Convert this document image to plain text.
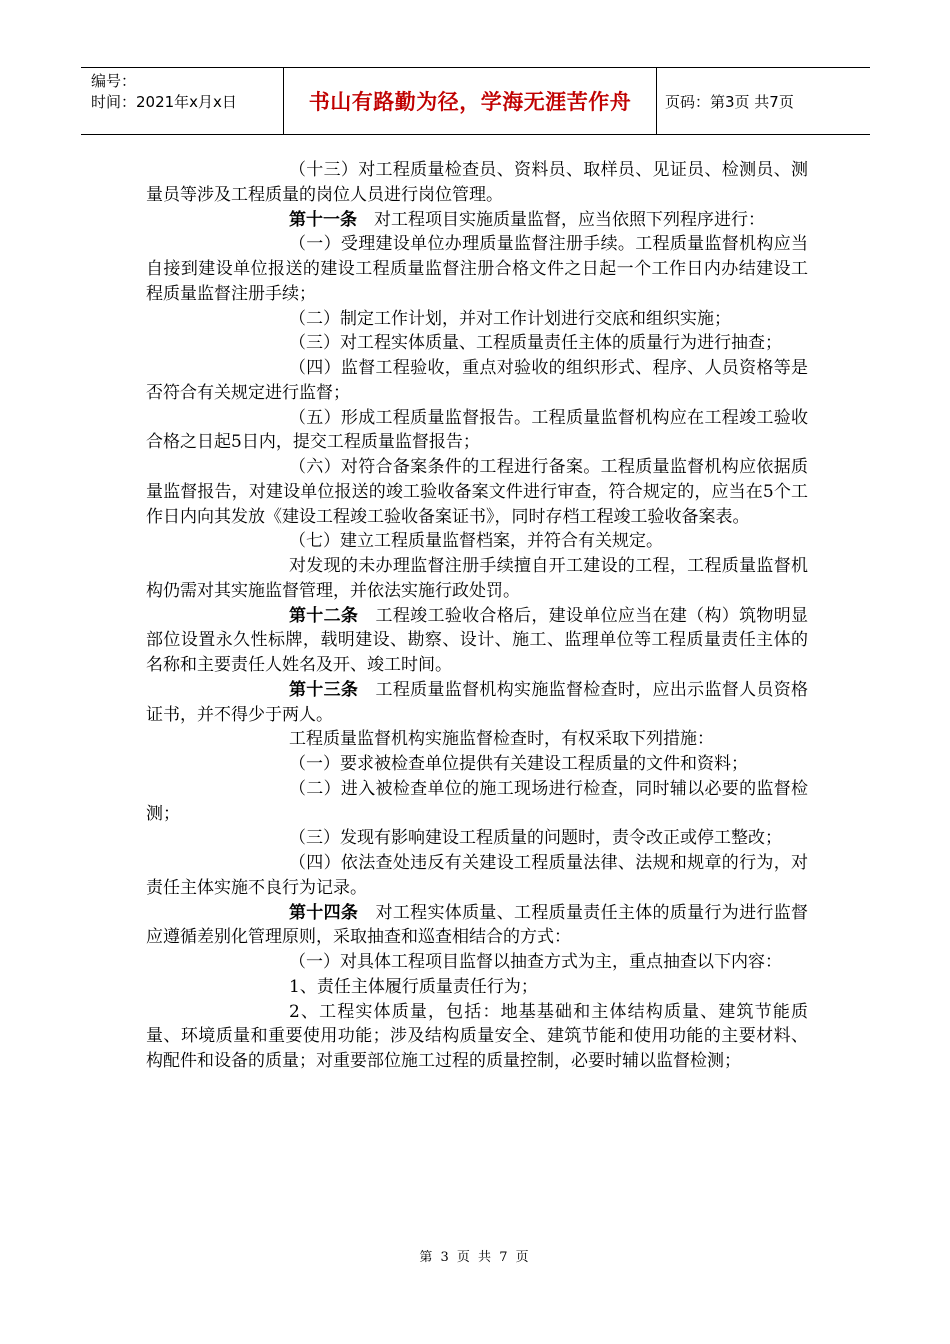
编号：
时间：2021年x月x日	书山有路勤为径，学海无涯苦作舟	页码：第3页 共7页

（十三）对工程质量检查员、资料员、取样员、见证员、检测员、测量员等涉及工程质量的岗位人员进行岗位管理。

第十一条　对工程项目实施质量监督，应当依照下列程序进行：

（一）受理建设单位办理质量监督注册手续。工程质量监督机构应当自接到建设单位报送的建设工程质量监督注册合格文件之日起一个工作日内办结建设工程质量监督注册手续；

（二）制定工作计划，并对工作计划进行交底和组织实施；

（三）对工程实体质量、工程质量责任主体的质量行为进行抽查；

（四）监督工程验收，重点对验收的组织形式、程序、人员资格等是否符合有关规定进行监督；

（五）形成工程质量监督报告。工程质量监督机构应在工程竣工验收合格之日起5日内，提交工程质量监督报告；

（六）对符合备案条件的工程进行备案。工程质量监督机构应依据质量监督报告，对建设单位报送的竣工验收备案文件进行审查，符合规定的，应当在5个工作日内向其发放《建设工程竣工验收备案证书》，同时存档工程竣工验收备案表。

（七）建立工程质量监督档案，并符合有关规定。

对发现的未办理监督注册手续擅自开工建设的工程，工程质量监督机构仍需对其实施监督管理，并依法实施行政处罚。

第十二条　工程竣工验收合格后，建设单位应当在建（构）筑物明显部位设置永久性标牌，载明建设、勘察、设计、施工、监理单位等工程质量责任主体的名称和主要责任人姓名及开、竣工时间。

第十三条　工程质量监督机构实施监督检查时，应出示监督人员资格证书，并不得少于两人。

工程质量监督机构实施监督检查时，有权采取下列措施：

（一）要求被检查单位提供有关建设工程质量的文件和资料；

（二）进入被检查单位的施工现场进行检查，同时辅以必要的监督检测；

（三）发现有影响建设工程质量的问题时，责令改正或停工整改；

（四）依法查处违反有关建设工程质量法律、法规和规章的行为，对责任主体实施不良行为记录。

第十四条　对工程实体质量、工程质量责任主体的质量行为进行监督应遵循差别化管理原则，采取抽查和巡查相结合的方式：

（一）对具体工程项目监督以抽查方式为主，重点抽查以下内容：

1、责任主体履行质量责任行为；

2、工程实体质量，包括：地基基础和主体结构质量、建筑节能质量、环境质量和重要使用功能；涉及结构质量安全、建筑节能和使用功能的主要材料、构配件和设备的质量；对重要部位施工过程的质量控制，必要时辅以监督检测；

第 3 页 共 7 页
